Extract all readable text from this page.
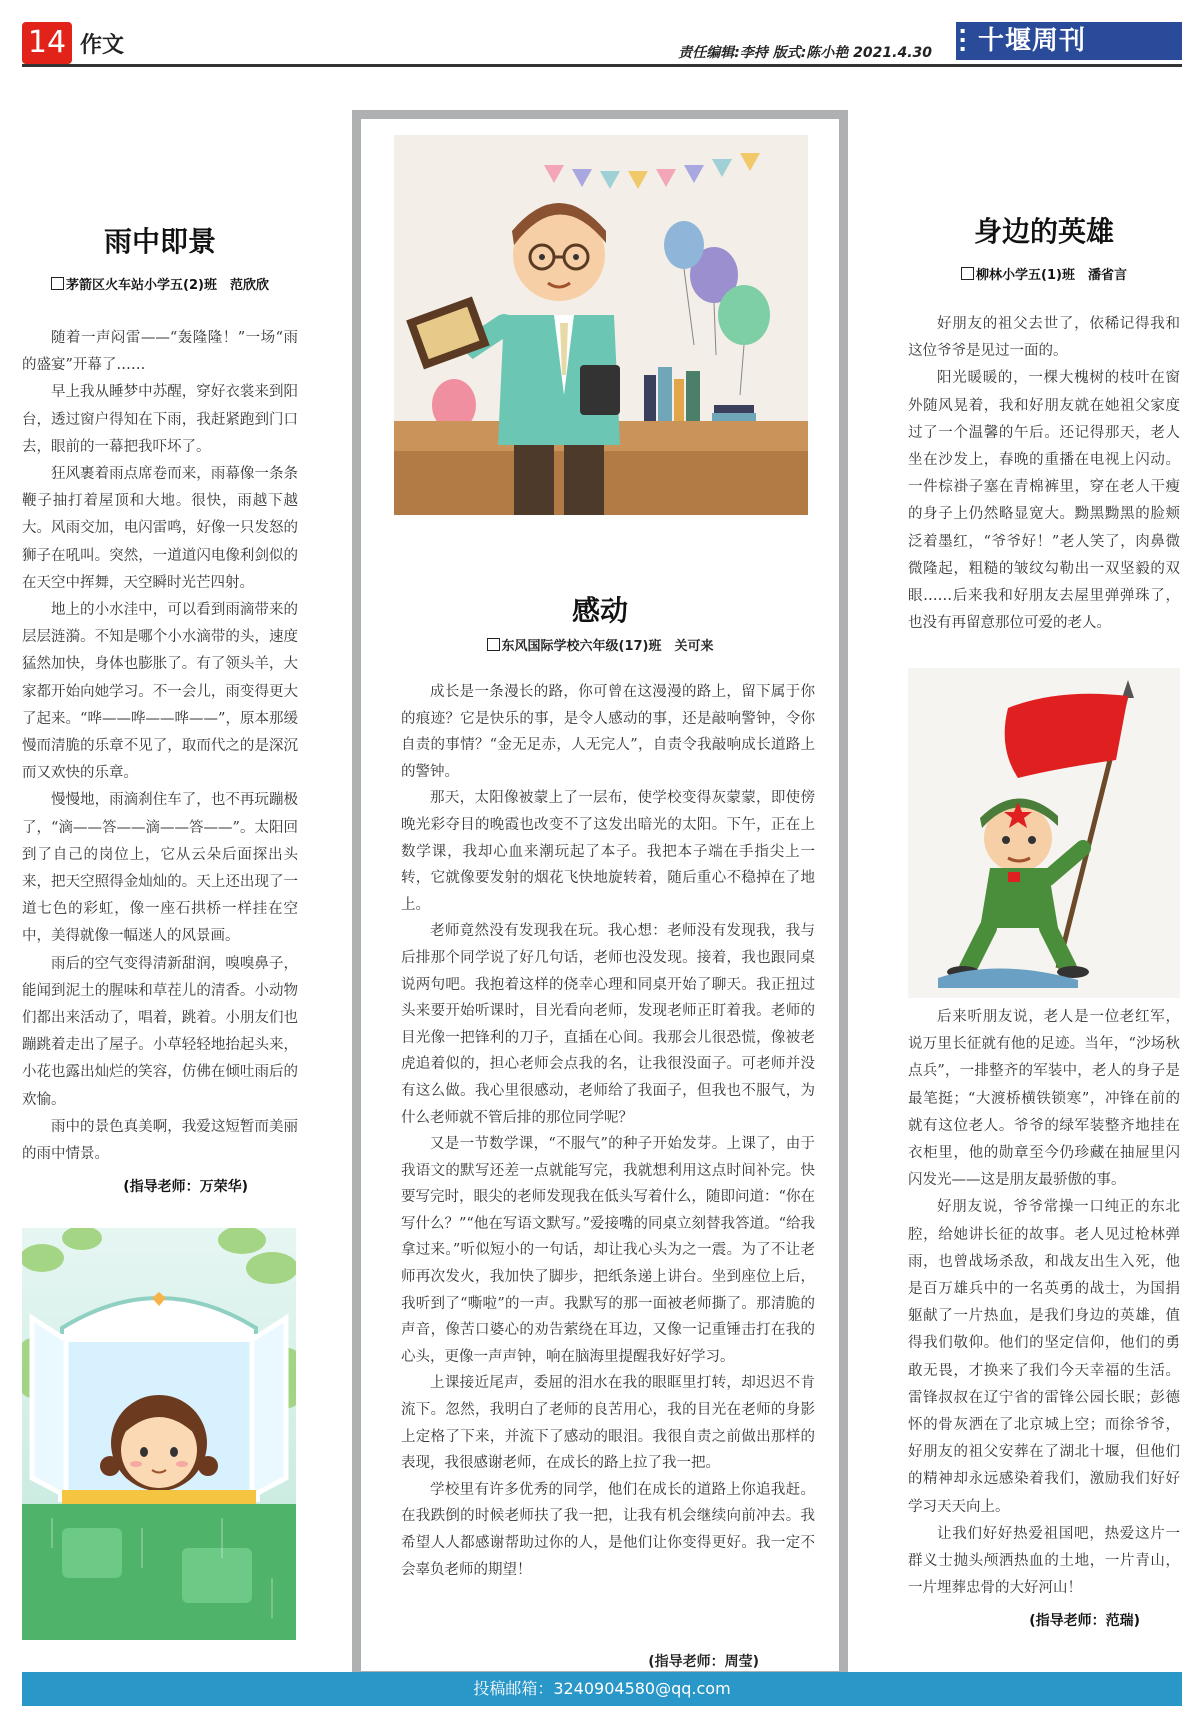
14 作文	责任编辑:李持 版式:陈小艳 2021.4.30
▪
▪
▪ 十堰周刊
雨中即景
茅箭区火车站小学五(2)班　范欣欣

随着一声闷雷——“轰隆隆！”一场“雨的盛宴”开幕了……

早上我从睡梦中苏醒，穿好衣裳来到阳台，透过窗户得知在下雨，我赶紧跑到门口去，眼前的一幕把我吓坏了。

狂风裹着雨点席卷而来，雨幕像一条条鞭子抽打着屋顶和大地。很快，雨越下越大。风雨交加，电闪雷鸣，好像一只发怒的狮子在吼叫。突然，一道道闪电像利剑似的在天空中挥舞，天空瞬时光芒四射。

地上的小水洼中，可以看到雨滴带来的层层涟漪。不知是哪个小水滴带的头，速度猛然加快，身体也膨胀了。有了领头羊，大家都开始向她学习。不一会儿，雨变得更大了起来。“哗——哗——哗——”，原本那缓慢而清脆的乐章不见了，取而代之的是深沉而又欢快的乐章。

慢慢地，雨滴刹住车了，也不再玩蹦极了，“滴——答——滴——答——”。太阳回到了自己的岗位上，它从云朵后面探出头来，把天空照得金灿灿的。天上还出现了一道七色的彩虹，像一座石拱桥一样挂在空中，美得就像一幅迷人的风景画。

雨后的空气变得清新甜润，嗅嗅鼻子，能闻到泥土的腥味和草茬儿的清香。小动物们都出来活动了，唱着，跳着。小朋友们也蹦跳着走出了屋子。小草轻轻地抬起头来，小花也露出灿烂的笑容，仿佛在倾吐雨后的欢愉。

雨中的景色真美啊，我爱这短暂而美丽的雨中情景。

(指导老师：万荣华)
感动
东风国际学校六年级(17)班　关可来

成长是一条漫长的路，你可曾在这漫漫的路上，留下属于你的痕迹？它是快乐的事，是令人感动的事，还是敲响警钟，令你自责的事情？“金无足赤，人无完人”，自责令我敲响成长道路上的警钟。

那天，太阳像被蒙上了一层布，使学校变得灰蒙蒙，即使傍晚光彩夺目的晚霞也改变不了这发出暗光的太阳。下午，正在上数学课，我却心血来潮玩起了本子。我把本子端在手指尖上一转，它就像要发射的烟花飞快地旋转着，随后重心不稳掉在了地上。

老师竟然没有发现我在玩。我心想：老师没有发现我，我与后排那个同学说了好几句话，老师也没发现。接着，我也跟同桌说两句吧。我抱着这样的侥幸心理和同桌开始了聊天。我正扭过头来要开始听课时，目光看向老师，发现老师正盯着我。老师的目光像一把锋利的刀子，直插在心间。我那会儿很恐慌，像被老虎追着似的，担心老师会点我的名，让我很没面子。可老师并没有这么做。我心里很感动，老师给了我面子，但我也不服气，为什么老师就不管后排的那位同学呢？

又是一节数学课，“不服气”的种子开始发芽。上课了，由于我语文的默写还差一点就能写完，我就想利用这点时间补完。快要写完时，眼尖的老师发现我在低头写着什么，随即问道：“你在写什么？”“他在写语文默写。”爱接嘴的同桌立刻替我答道。“给我拿过来。”听似短小的一句话，却让我心头为之一震。为了不让老师再次发火，我加快了脚步，把纸条递上讲台。坐到座位上后，我听到了“嘶啦”的一声。我默写的那一面被老师撕了。那清脆的声音，像苦口婆心的劝告萦绕在耳边，又像一记重锤击打在我的心头，更像一声声钟，响在脑海里提醒我好好学习。

上课接近尾声，委屈的泪水在我的眼眶里打转，却迟迟不肯流下。忽然，我明白了老师的良苦用心，我的目光在老师的身影上定格了下来，并流下了感动的眼泪。我很自责之前做出那样的表现，我很感谢老师，在成长的路上拉了我一把。

学校里有许多优秀的同学，他们在成长的道路上你追我赶。在我跌倒的时候老师扶了我一把，让我有机会继续向前冲去。我希望人人都感谢帮助过你的人，是他们让你变得更好。我一定不会辜负老师的期望！

(指导老师：周莹)
身边的英雄
柳林小学五(1)班　潘省言

好朋友的祖父去世了，依稀记得我和这位爷爷是见过一面的。

阳光暖暖的，一棵大槐树的枝叶在窗外随风晃着，我和好朋友就在她祖父家度过了一个温馨的午后。还记得那天，老人坐在沙发上，春晚的重播在电视上闪动。一件棕褂子塞在青棉裤里，穿在老人干瘦的身子上仍然略显宽大。黝黑黝黑的脸颊泛着墨红，“爷爷好！”老人笑了，肉鼻微微隆起，粗糙的皱纹勾勒出一双坚毅的双眼……后来我和好朋友去屋里弹弹珠了，也没有再留意那位可爱的老人。

后来听朋友说，老人是一位老红军，说万里长征就有他的足迹。当年，“沙场秋点兵”，一排整齐的军装中，老人的身子是最笔挺；“大渡桥横铁锁寒”，冲锋在前的就有这位老人。爷爷的绿军装整齐地挂在衣柜里，他的勋章至今仍珍藏在抽屉里闪闪发光——这是朋友最骄傲的事。

好朋友说，爷爷常操一口纯正的东北腔，给她讲长征的故事。老人见过枪林弹雨，也曾战场杀敌，和战友出生入死，他是百万雄兵中的一名英勇的战士，为国捐躯献了一片热血，是我们身边的英雄，值得我们敬仰。他们的坚定信仰，他们的勇敢无畏，才换来了我们今天幸福的生活。雷锋叔叔在辽宁省的雷锋公园长眠；彭德怀的骨灰洒在了北京城上空；而徐爷爷，好朋友的祖父安葬在了湖北十堰，但他们的精神却永远感染着我们，激励我们好好学习天天向上。

让我们好好热爱祖国吧，热爱这片一群义士抛头颅洒热血的土地，一片青山，一片埋葬忠骨的大好河山！

(指导老师：范瑞)
投稿邮箱：3240904580@qq.com
